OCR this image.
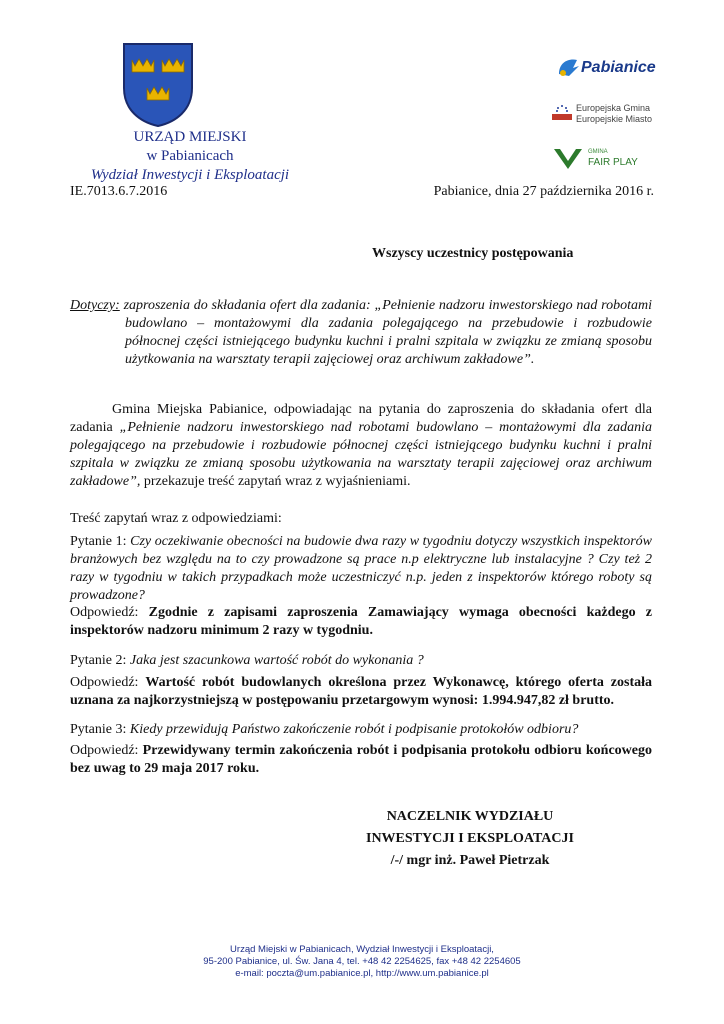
URZĄD MIEJSKI
w Pabianicach
Wydział Inwestycji i Eksploatacji
IE.7013.6.7.2016	Pabianice, dnia 27 października 2016 r.
Pabianice
Europejska Gmina
Europejskie Miasto
GMINA
FAIR PLAY
Wszyscy uczestnicy postępowania
Dotyczy: zaproszenia do składania ofert dla zadania: „Pełnienie nadzoru inwestorskiego nad robotami budowlano – montażowymi dla zadania polegającego na przebudowie i rozbudowie północnej części istniejącego budynku kuchni i pralni szpitala w związku ze zmianą sposobu użytkowania na warsztaty terapii zajęciowej oraz archiwum zakładowe”.
Gmina Miejska Pabianice, odpowiadając na pytania do zaproszenia do składania ofert dla zadania „Pełnienie nadzoru inwestorskiego nad robotami budowlano – montażowymi dla zadania polegającego na przebudowie i rozbudowie północnej części istniejącego budynku kuchni i pralni szpitala w związku ze zmianą sposobu użytkowania na warsztaty terapii zajęciowej oraz archiwum zakładowe”, przekazuje treść zapytań wraz z wyjaśnieniami.
Treść zapytań wraz z odpowiedziami:
Pytanie 1: Czy oczekiwanie obecności na budowie dwa razy w tygodniu dotyczy wszystkich inspektorów branżowych bez względu na to czy prowadzone są prace n.p elektryczne lub instalacyjne ? Czy też 2 razy w tygodniu w takich przypadkach może uczestniczyć n.p. jeden z inspektorów którego roboty są prowadzone?
Odpowiedź: Zgodnie z zapisami zaproszenia Zamawiający wymaga obecności każdego z inspektorów nadzoru minimum 2 razy w tygodniu.
Pytanie 2: Jaka jest szacunkowa wartość robót do wykonania ?
Odpowiedź: Wartość robót budowlanych określona przez Wykonawcę, którego oferta została uznana za najkorzystniejszą w postępowaniu przetargowym wynosi: 1.994.947,82 zł brutto.
Pytanie 3: Kiedy przewidują Państwo zakończenie robót i podpisanie protokołów odbioru?
Odpowiedź: Przewidywany termin zakończenia robót i podpisania protokołu odbioru końcowego bez uwag to 29 maja 2017 roku.
NACZELNIK WYDZIAŁU
INWESTYCJI I EKSPLOATACJI
/-/ mgr inż. Paweł Pietrzak
Urząd Miejski w Pabianicach, Wydział Inwestycji i Eksploatacji,
95-200 Pabianice, ul. Św. Jana 4, tel. +48 42 2254625, fax +48 42 2254605
e-mail: poczta@um.pabianice.pl, http://www.um.pabianice.pl
